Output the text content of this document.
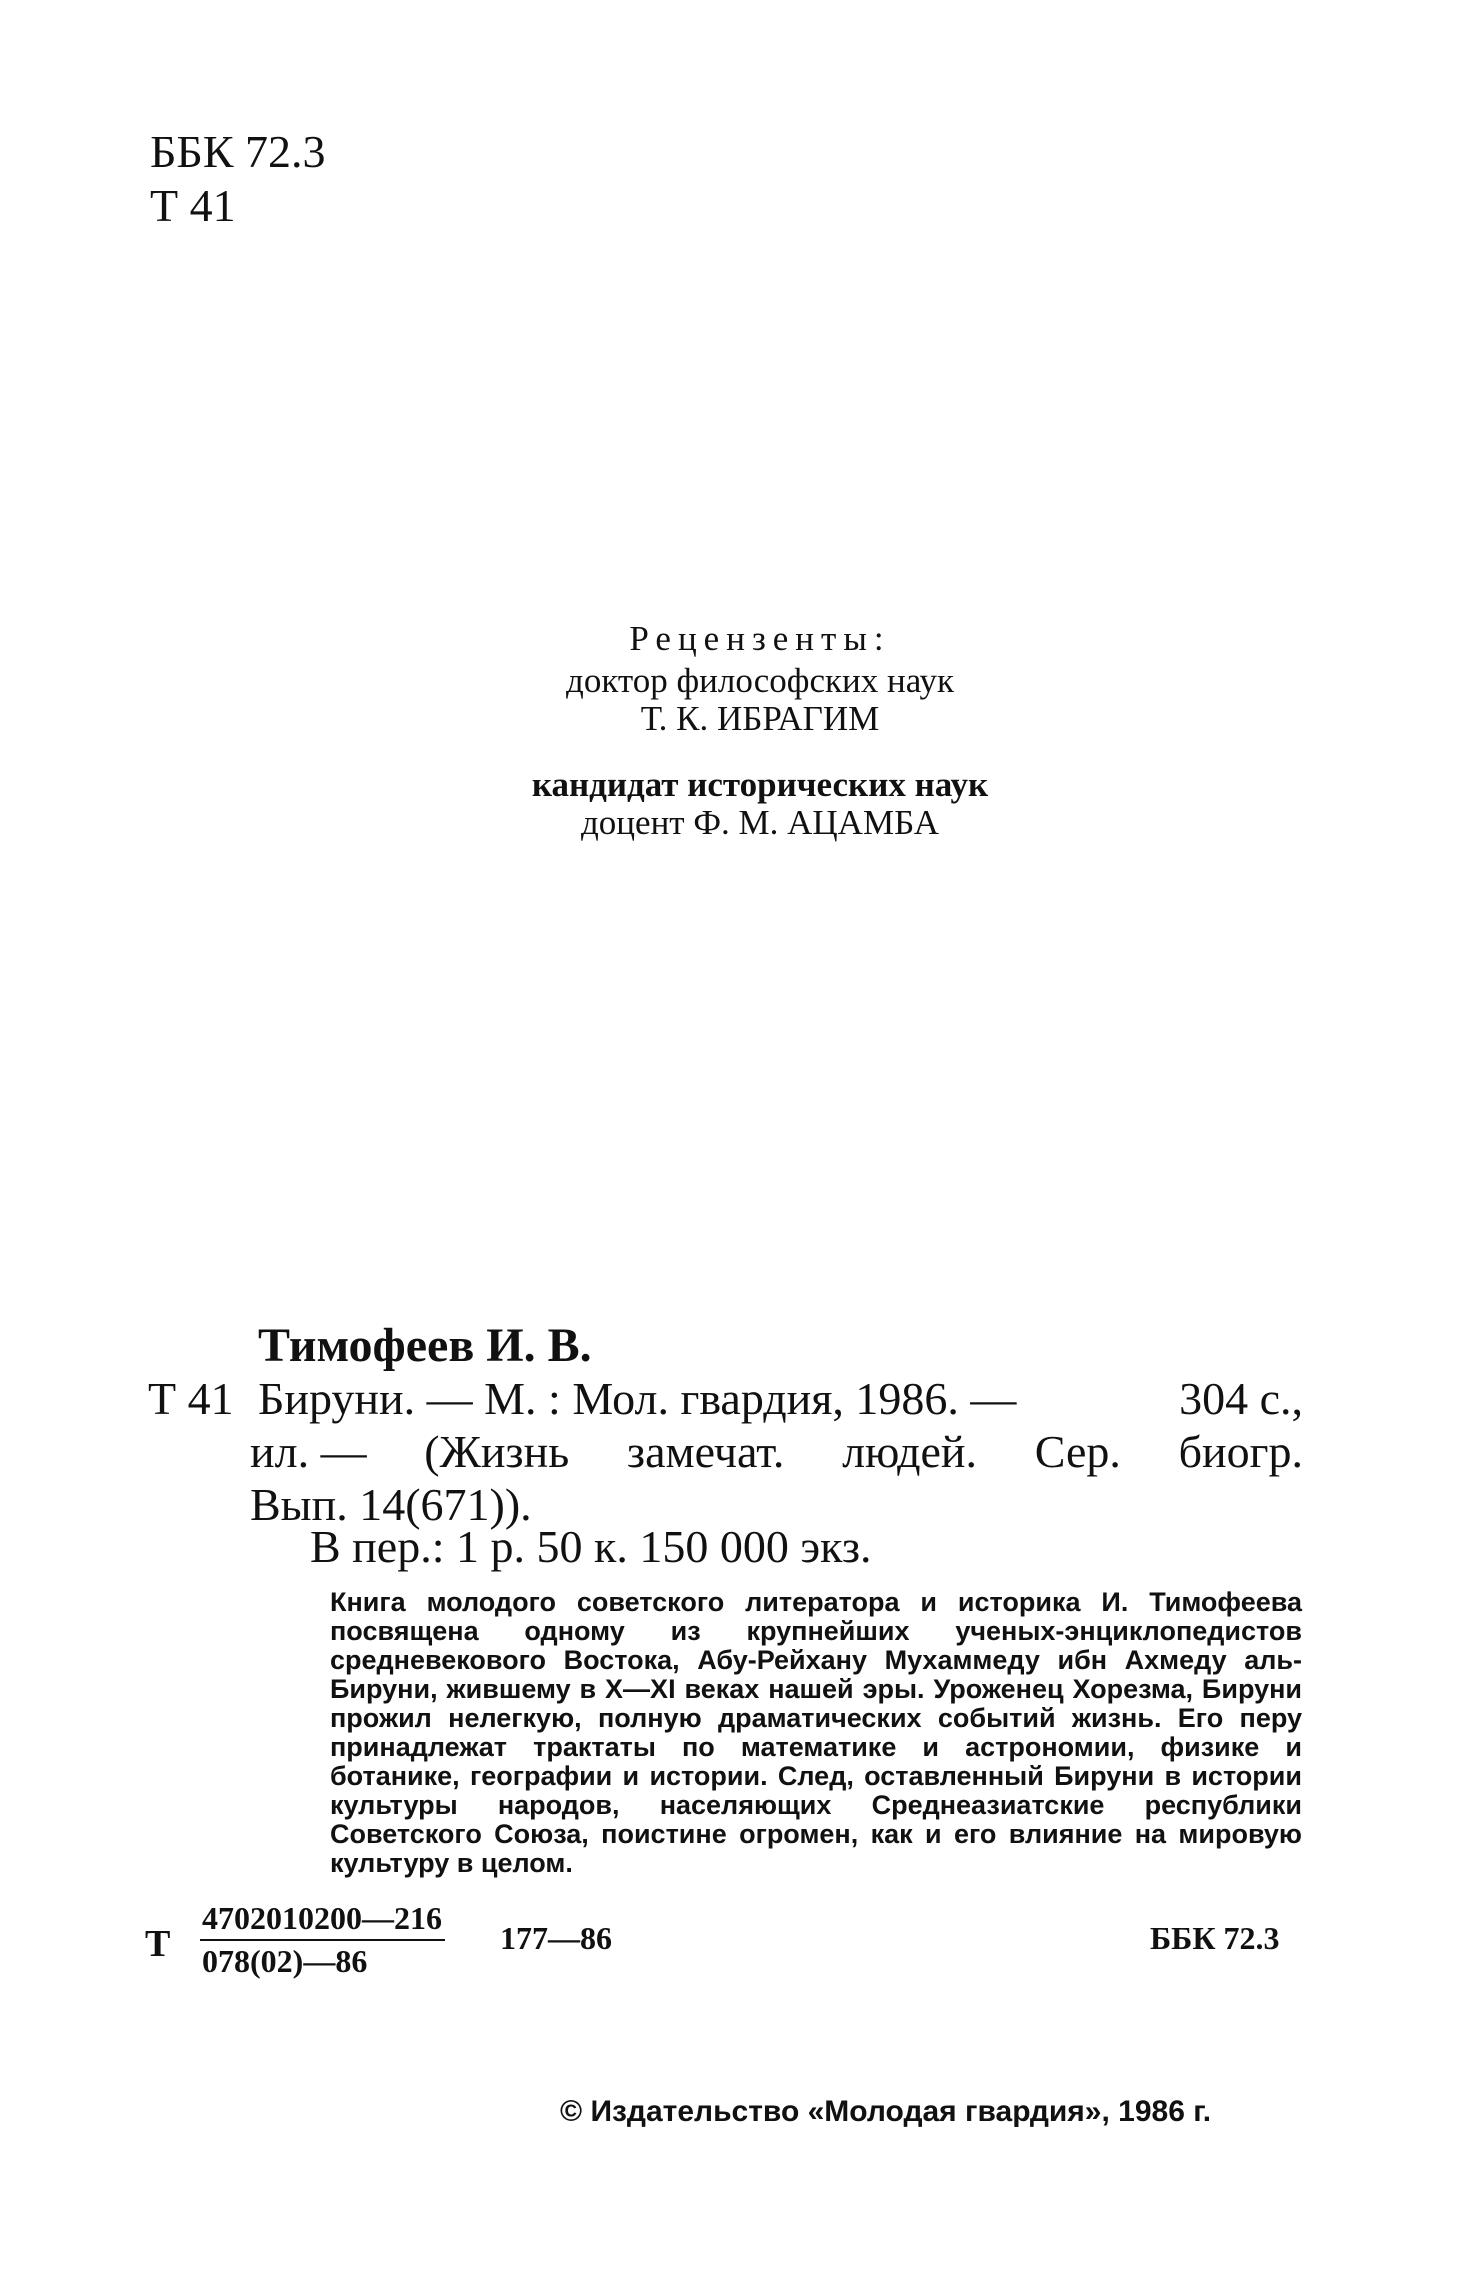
ББК 72.3
Т 41
Рецензенты:
доктор философских наук
Т. К. ИБРАГИМ
кандидат исторических наук
доцент Ф. М. АЦАМБА
Тимофеев И. В.
Т 41 Бируни. — М. : Мол. гвардия, 1986. —	304 с.,
ил. — (Жизнь замечат. людей. Сер. биогр.
Вып. 14(671)).
В пер.: 1 р. 50 к. 150 000 экз.
Книга молодого советского литератора и историка И. Тимофеева посвящена одному из крупнейших ученых-энциклопедистов средневекового Востока, Абу-Рейхану Мухаммеду ибн Ахмеду аль-Бируни, жившему в X—XI веках нашей эры. Уроженец Хорезма, Бируни прожил нелегкую, полную драматических событий жизнь. Его перу принадлежат трактаты по математике и астрономии, физике и ботанике, географии и истории. След, оставленный Бируни в истории культуры народов, населяющих Среднеазиатские республики Советского Союза, поистине огромен, как и его влияние на мировую культуру в целом.
Т $\frac{4702010200—216}{078(02)—86}$ 177—86	ББК 72.3
© Издательство «Молодая гвардия», 1986 г.
